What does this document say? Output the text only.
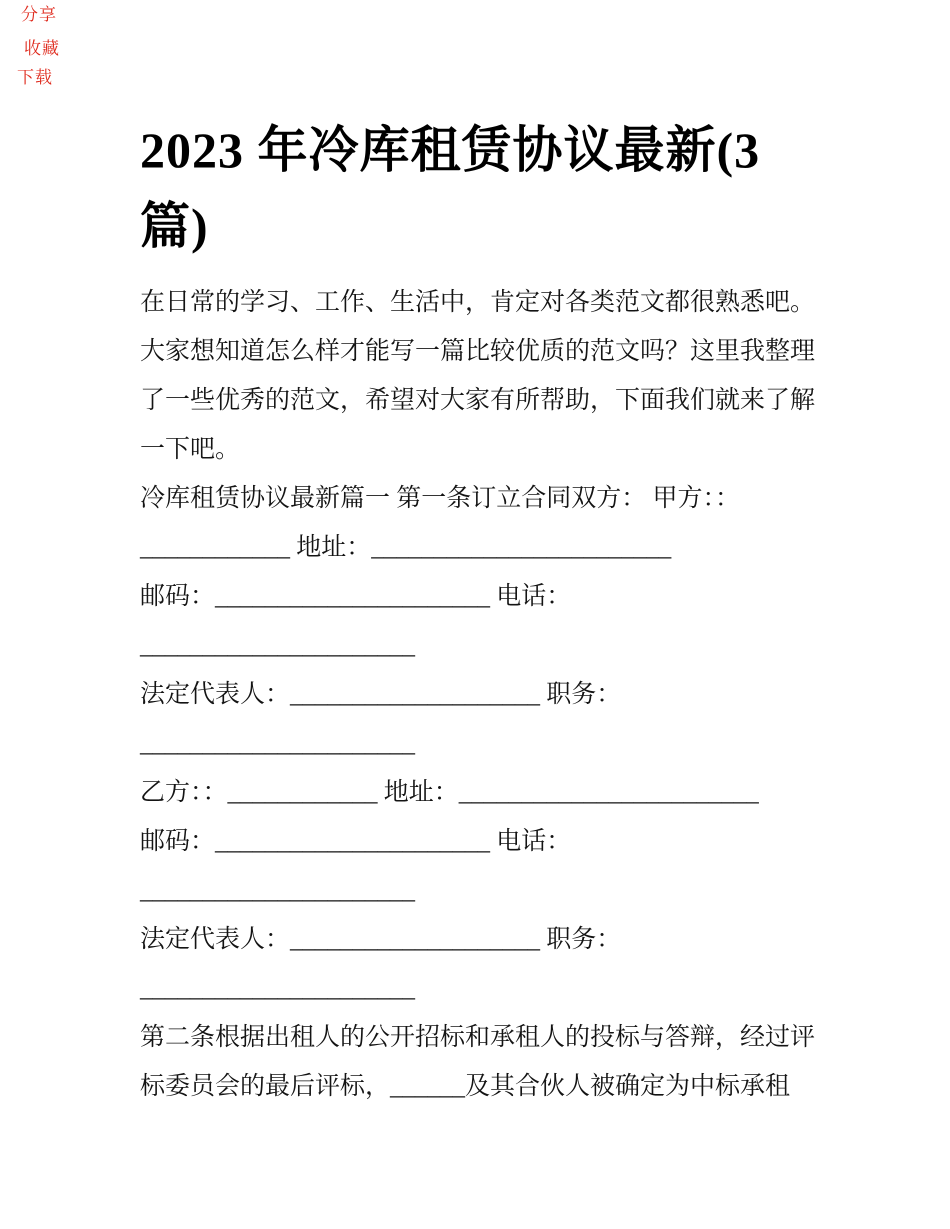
分享
收藏
下载
2023 年冷库租赁协议最新(3
篇)

在日常的学习、工作、生活中，肯定对各类范文都很熟悉吧。

大家想知道怎么样才能写一篇比较优质的范文吗？这里我整理

了一些优秀的范文，希望对大家有所帮助，下面我们就来了解

一下吧。

冷库租赁协议最新篇一 第一条订立合同双方： 甲方：：

____________ 地址：________________________

邮码：______________________ 电话：

______________________

法定代表人：____________________ 职务：

______________________

乙方：：____________ 地址：________________________

邮码：______________________ 电话：

______________________

法定代表人：____________________ 职务：

______________________

第二条根据出租人的公开招标和承租人的投标与答辩，经过评

标委员会的最后评标，______及其合伙人被确定为中标承租
